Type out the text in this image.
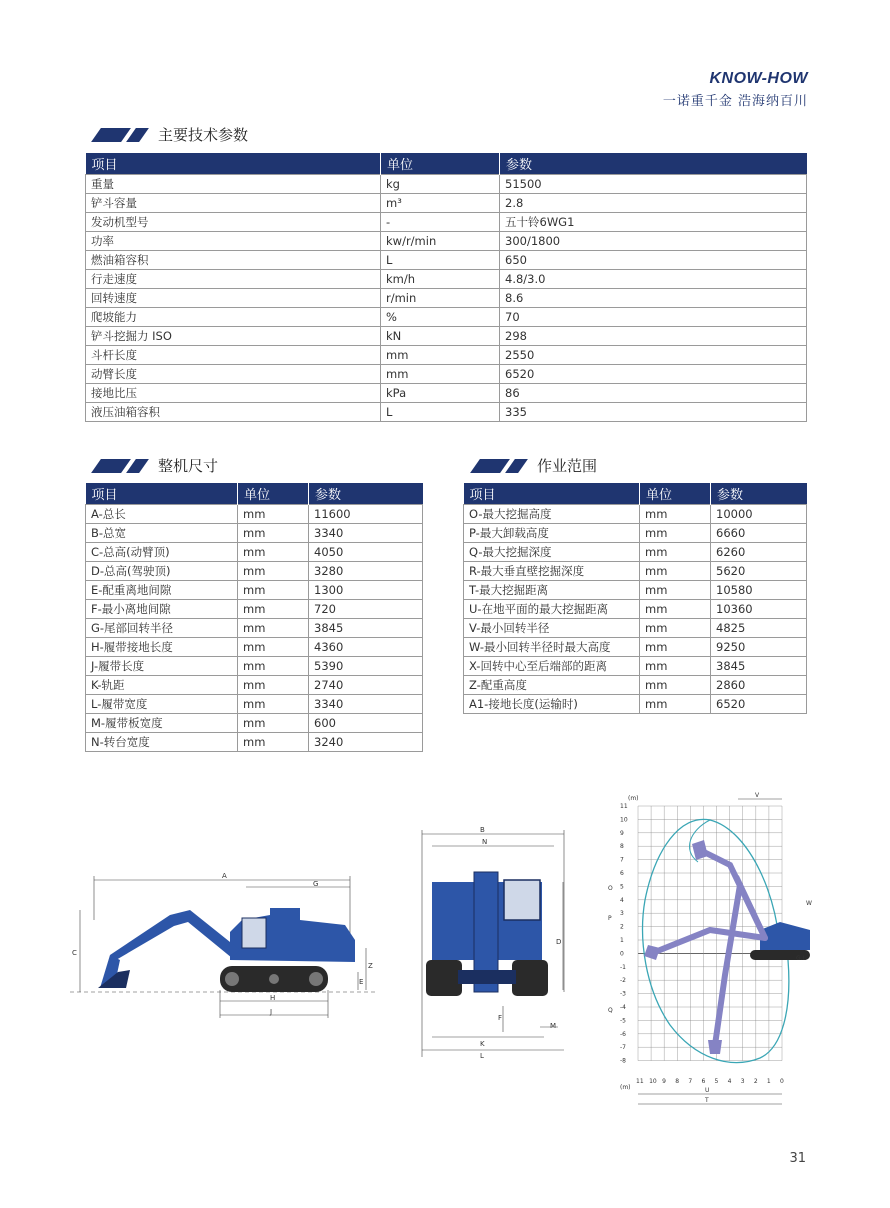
KNOW-HOW
一诺重千金 浩海纳百川
主要技术参数
项目	单位	参数
重量	kg	51500
铲斗容量	m³	2.8
发动机型号	-	五十铃6WG1
功率	kw/r/min	300/1800
燃油箱容积	L	650
行走速度	km/h	4.8/3.0
回转速度	r/min	8.6
爬坡能力	%	70
铲斗挖掘力 ISO	kN	298
斗杆长度	mm	2550
动臂长度	mm	6520
接地比压	kPa	86
液压油箱容积	L	335
整机尺寸
项目	单位	参数
A-总长	mm	11600
B-总宽	mm	3340
C-总高(动臂顶)	mm	4050
D-总高(驾驶顶)	mm	3280
E-配重离地间隙	mm	1300
F-最小离地间隙	mm	720
G-尾部回转半径	mm	3845
H-履带接地长度	mm	4360
J-履带长度	mm	5390
K-轨距	mm	2740
L-履带宽度	mm	3340
M-履带板宽度	mm	600
N-转台宽度	mm	3240
作业范围
项目	单位	参数
O-最大挖掘高度	mm	10000
P-最大卸载高度	mm	6660
Q-最大挖掘深度	mm	6260
R-最大垂直壁挖掘深度	mm	5620
T-最大挖掘距离	mm	10580
U-在地平面的最大挖掘距离	mm	10360
V-最小回转半径	mm	4825
W-最小回转半径时最大高度	mm	9250
X-回转中心至后端部的距离	mm	3845
Z-配重高度	mm	2860
A1-接地长度(运输时)	mm	6520
A
G
C
Z
E
H
J
诺浩
B
N
D
F
M
K
L
(m)
(m)
11
10
9
8
7
6
5
4
3
2
1
0
-1
-2
-3
-4
-5
-6
-7
-8
11 10 9 8 7 6 5 4 3 2 1 0
V
O
P
Q
W
G.L
U
T
31
